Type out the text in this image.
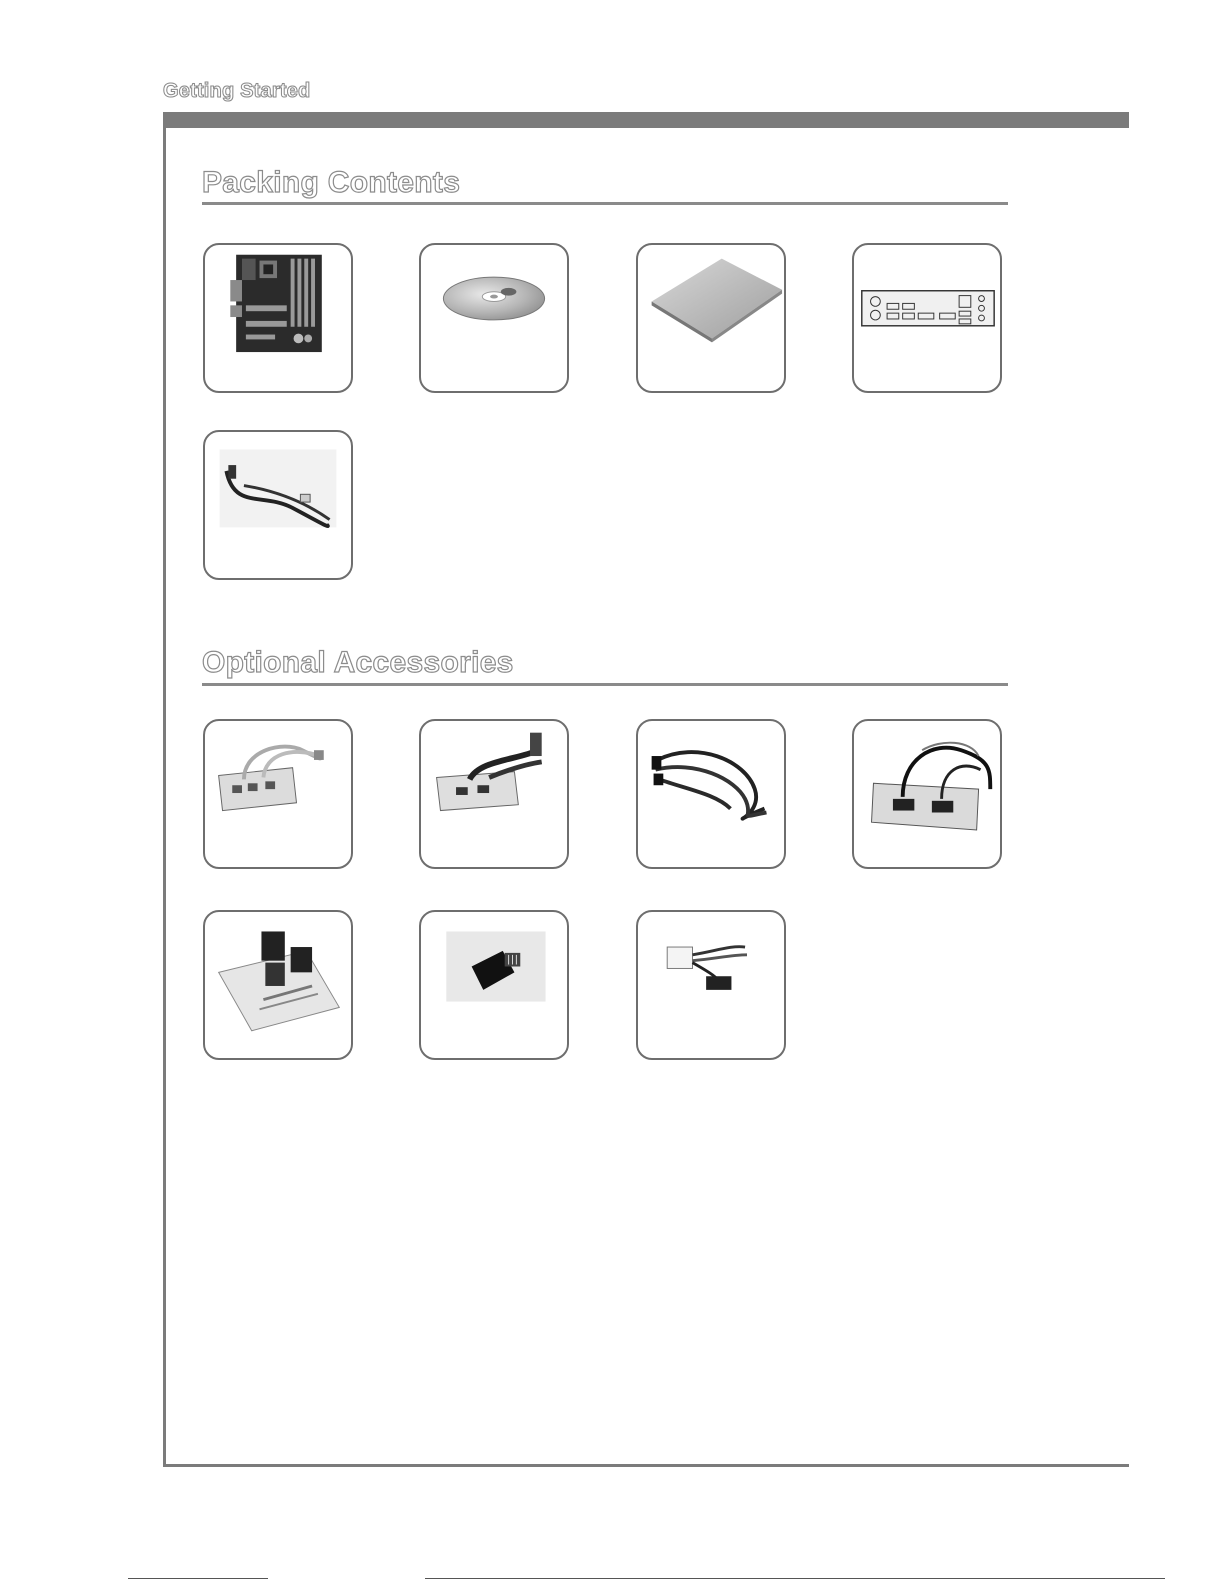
Getting Started
Packing Contents
Optional Accessories
